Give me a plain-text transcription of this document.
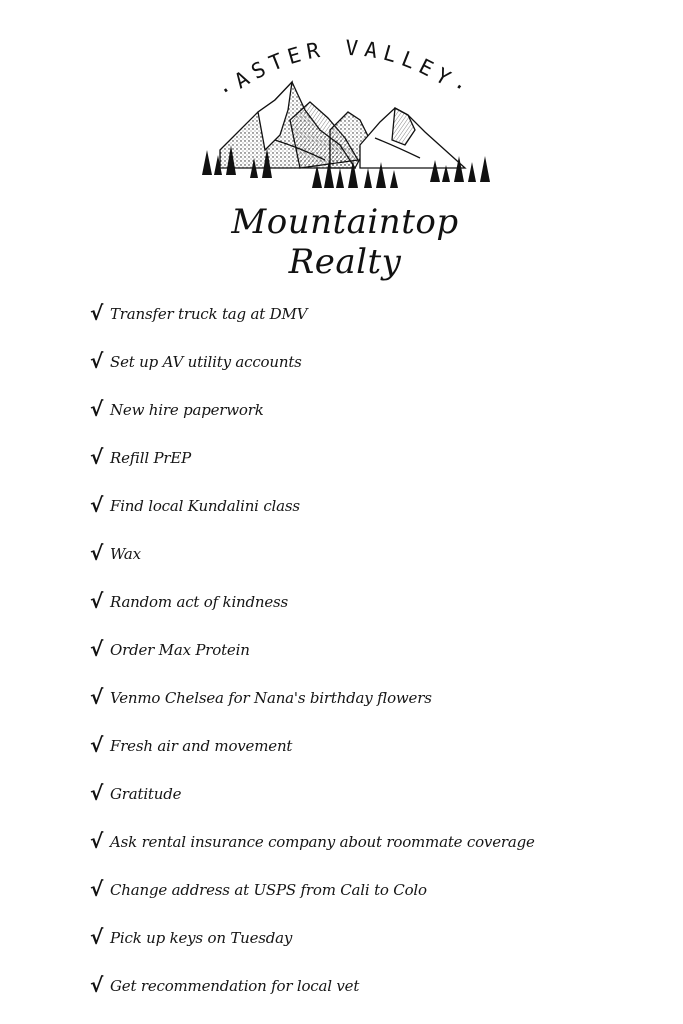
·ASTER VALLEY·
Mountaintop Realty
√ Transfer truck tag at DMV
√ Set up AV utility accounts
√ New hire paperwork
√ Refill PrEP
√ Find local Kundalini class
√ Wax
√ Random act of kindness
√ Order Max Protein
√ Venmo Chelsea for Nana's birthday flowers
√ Fresh air and movement
√ Gratitude
√ Ask rental insurance company about roommate coverage
√ Change address at USPS from Cali to Colo
√ Pick up keys on Tuesday
√ Get recommendation for local vet
